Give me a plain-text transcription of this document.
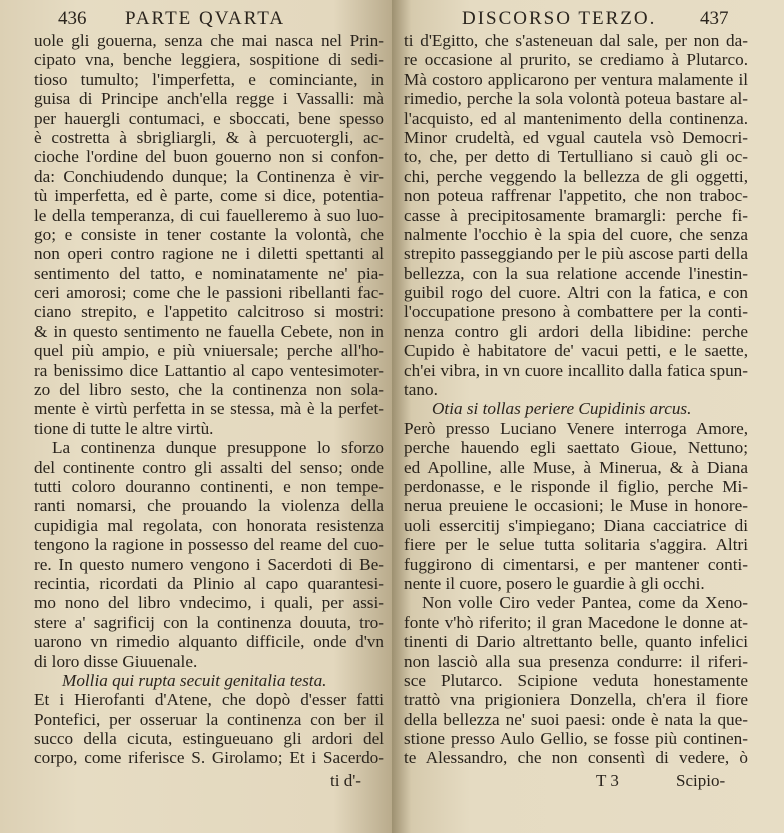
436 PARTE QVARTA
uole gli gouerna, senza che mai nasca nel Prin-
cipato vna, benche leggiera, sospitione di sedi-
tioso tumulto; l'imperfetta, e cominciante, in
guisa di Principe anch'ella regge i Vassalli: mà
per hauergli contumaci, e sboccati, bene spesso
è costretta à sbrigliargli, & à percuotergli, ac-
cioche l'ordine del buon gouerno non si confon-
da: Conchiudendo dunque; la Continenza è vir-
tù imperfetta, ed è parte, come si dice, potentia-
le della temperanza, di cui fauelleremo à suo luo-
go; e consiste in tener costante la volontà, che
non operi contro ragione ne i diletti spettanti al
sentimento del tatto, e nominatamente ne' pia-
ceri amorosi; come che le passioni ribellanti fac-
ciano strepito, e l'appetito calcitroso si mostri:
& in questo sentimento ne fauella Cebete, non in
quel più ampio, e più vniuersale; perche all'ho-
ra benissimo dice Lattantio al capo ventesimoter-
zo del libro sesto, che la continenza non sola-
mente è virtù perfetta in se stessa, mà è la perfet-
tione di tutte le altre virtù.
La continenza dunque presuppone lo sforzo
del continente contro gli assalti del senso; onde
tutti coloro douranno continenti, e non tempe-
ranti nomarsi, che prouando la violenza della
cupidigia mal regolata, con honorata resistenza
tengono la ragione in possesso del reame del cuo-
re. In questo numero vengono i Sacerdoti di Be-
recintia, ricordati da Plinio al capo quarantesi-
mo nono del libro vndecimo, i quali, per assi-
stere a' sagrificij con la continenza douuta, tro-
uarono vn rimedio alquanto difficile, onde d'vn
di loro disse Giuuenale.
Mollia qui rupta secuit genitalia testa.
Et i Hierofanti d'Atene, che dopò d'esser fatti
Pontefici, per osseruar la continenza con ber il
succo della cicuta, estingueuano gli ardori del
corpo, come riferisce S. Girolamo; Et i Sacerdo-
ti d'-
DISCORSO TERZO. 437
ti d'Egitto, che s'asteneuan dal sale, per non da-
re occasione al prurito, se crediamo à Plutarco.
Mà costoro applicarono per ventura malamente il
rimedio, perche la sola volontà poteua bastare al-
l'acquisto, ed al mantenimento della continenza.
Minor crudeltà, ed vgual cautela vsò Democri-
to, che, per detto di Tertulliano si cauò gli oc-
chi, perche veggendo la bellezza de gli oggetti,
non poteua raffrenar l'appetito, che non traboc-
casse à precipitosamente bramargli: perche fi-
nalmente l'occhio è la spia del cuore, che senza
strepito passeggiando per le più ascose parti della
bellezza, con la sua relatione accende l'inestin-
guibil rogo del cuore. Altri con la fatica, e con
l'occupatione presono à combattere per la conti-
nenza contro gli ardori della libidine: perche
Cupido è habitatore de' vacui petti, e le saette,
ch'ei vibra, in vn cuore incallito dalla fatica spun-
tano.
Otia si tollas periere Cupidinis arcus.
Però presso Luciano Venere interroga Amore,
perche hauendo egli saettato Gioue, Nettuno;
ed Apolline, alle Muse, à Minerua, & à Diana
perdonasse, e le risponde il figlio, perche Mi-
nerua preuiene le occasioni; le Muse in honore-
uoli essercitij s'impiegano; Diana cacciatrice di
fiere per le selue tutta solitaria s'aggira. Altri
fuggirono di cimentarsi, e per mantener conti-
nente il cuore, posero le guardie à gli occhi.
Non volle Ciro veder Pantea, come da Xeno-
fonte v'hò riferito; il gran Macedone le donne at-
tinenti di Dario altrettanto belle, quanto infelici
non lasciò alla sua presenza condurre: il riferi-
sce Plutarco. Scipione veduta honestamente
trattò vna prigioniera Donzella, ch'era il fiore
della bellezza ne' suoi paesi: onde è nata la que-
stione presso Aulo Gellio, se fosse più continen-
te Alessandro, che non consentì di vedere, ò
T 3	Scipio-
